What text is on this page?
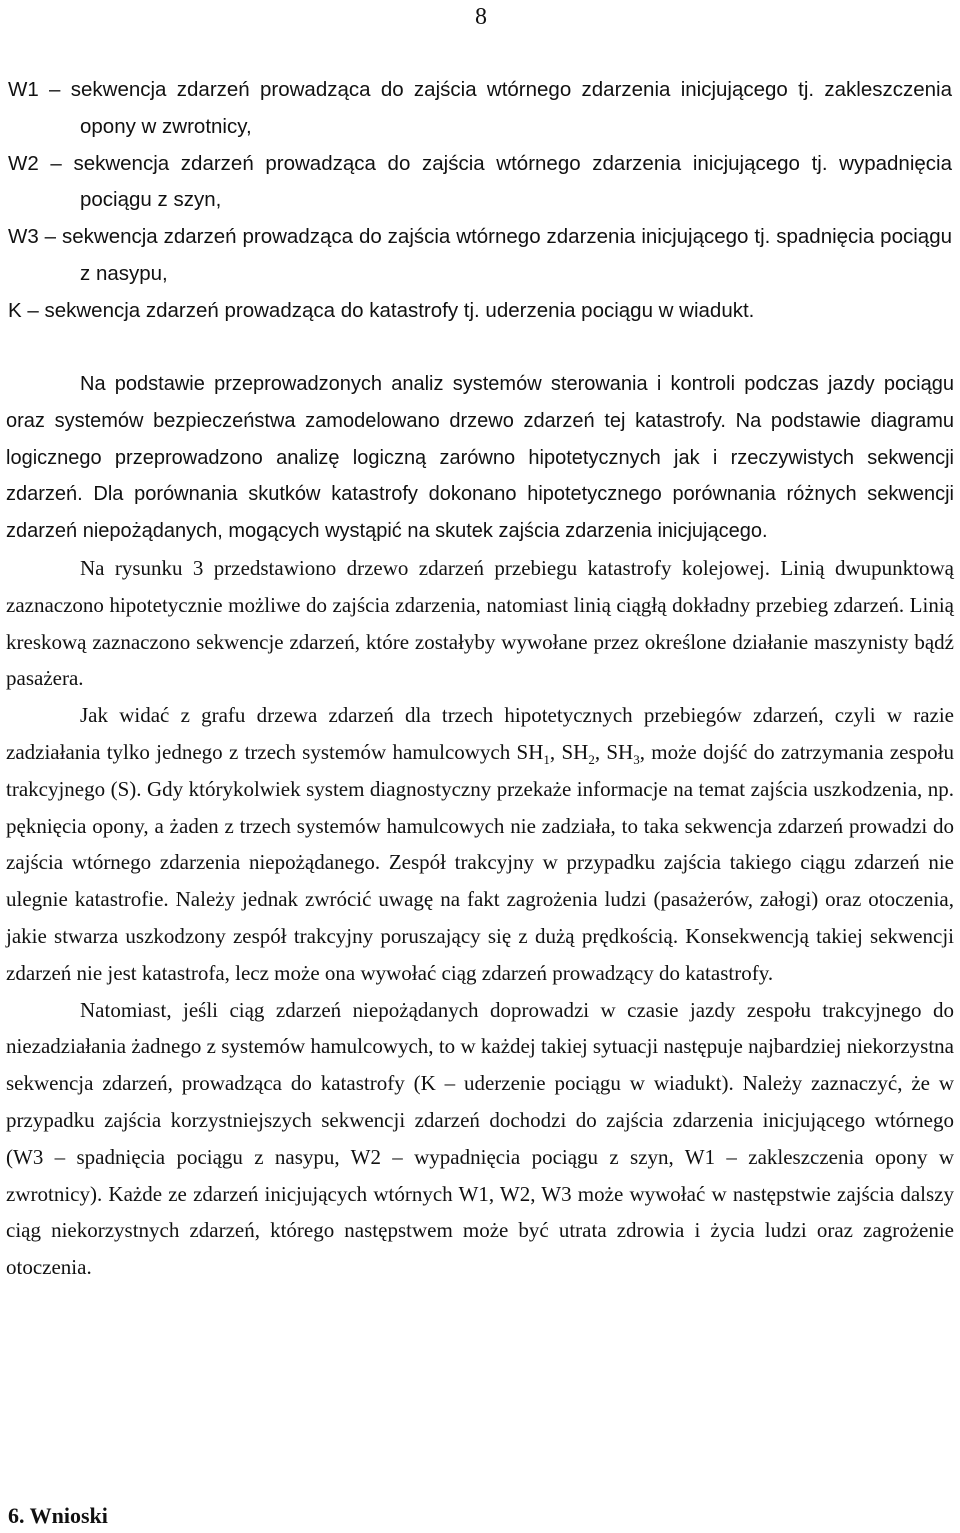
8
W1 – sekwencja zdarzeń prowadząca do zajścia wtórnego zdarzenia inicjującego tj. zakleszczenia opony w zwrotnicy,
W2 – sekwencja zdarzeń prowadząca do zajścia wtórnego zdarzenia inicjującego tj. wypadnięcia pociągu z szyn,
W3 – sekwencja zdarzeń prowadząca do zajścia wtórnego zdarzenia inicjującego tj. spadnięcia pociągu z nasypu,
K – sekwencja zdarzeń prowadząca do katastrofy tj. uderzenia pociągu w wiadukt.

Na podstawie przeprowadzonych analiz systemów sterowania i kontroli podczas jazdy pociągu oraz systemów bezpieczeństwa zamodelowano drzewo zdarzeń tej katastrofy. Na podstawie diagramu logicznego przeprowadzono analizę logiczną zarówno hipotetycznych jak i rzeczywistych sekwencji zdarzeń. Dla porównania skutków katastrofy dokonano hipotetycznego porównania różnych sekwencji zdarzeń niepożądanych, mogących wystąpić na skutek zajścia zdarzenia inicjującego.

Na rysunku 3 przedstawiono drzewo zdarzeń przebiegu katastrofy kolejowej. Linią dwupunktową zaznaczono hipotetycznie możliwe do zajścia zdarzenia, natomiast linią ciągłą dokładny przebieg zdarzeń. Linią kreskową zaznaczono sekwencje zdarzeń, które zostałyby wywołane przez określone działanie maszynisty bądź pasażera.

Jak widać z grafu drzewa zdarzeń dla trzech hipotetycznych przebiegów zdarzeń, czyli w razie zadziałania tylko jednego z trzech systemów hamulcowych $SH_1$, $SH_2$, $SH_3$, może dojść do zatrzymania zespołu trakcyjnego (S). Gdy którykolwiek system diagnostyczny przekaże informacje na temat zajścia uszkodzenia, np. pęknięcia opony, a żaden z trzech systemów hamulcowych nie zadziała, to taka sekwencja zdarzeń prowadzi do zajścia wtórnego zdarzenia niepożądanego. Zespół trakcyjny w przypadku zajścia takiego ciągu zdarzeń nie ulegnie katastrofie. Należy jednak zwrócić uwagę na fakt zagrożenia ludzi (pasażerów, załogi) oraz otoczenia, jakie stwarza uszkodzony zespół trakcyjny poruszający się z dużą prędkością. Konsekwencją takiej sekwencji zdarzeń nie jest katastrofa, lecz może ona wywołać ciąg zdarzeń prowadzący do katastrofy.

Natomiast, jeśli ciąg zdarzeń niepożądanych doprowadzi w czasie jazdy zespołu trakcyjnego do niezadziałania żadnego z systemów hamulcowych, to w każdej takiej sytuacji następuje najbardziej niekorzystna sekwencja zdarzeń, prowadząca do katastrofy (K – uderzenie pociągu w wiadukt). Należy zaznaczyć, że w przypadku zajścia korzystniejszych sekwencji zdarzeń dochodzi do zajścia zdarzenia inicjującego wtórnego (W3 – spadnięcia pociągu z nasypu, W2 – wypadnięcia pociągu z szyn, W1 – zakleszczenia opony w zwrotnicy). Każde ze zdarzeń inicjujących wtórnych W1, W2, W3 może wywołać w następstwie zajścia dalszy ciąg niekorzystnych zdarzeń, którego następstwem może być utrata zdrowia i życia ludzi oraz zagrożenie otoczenia.

6. Wnioski
